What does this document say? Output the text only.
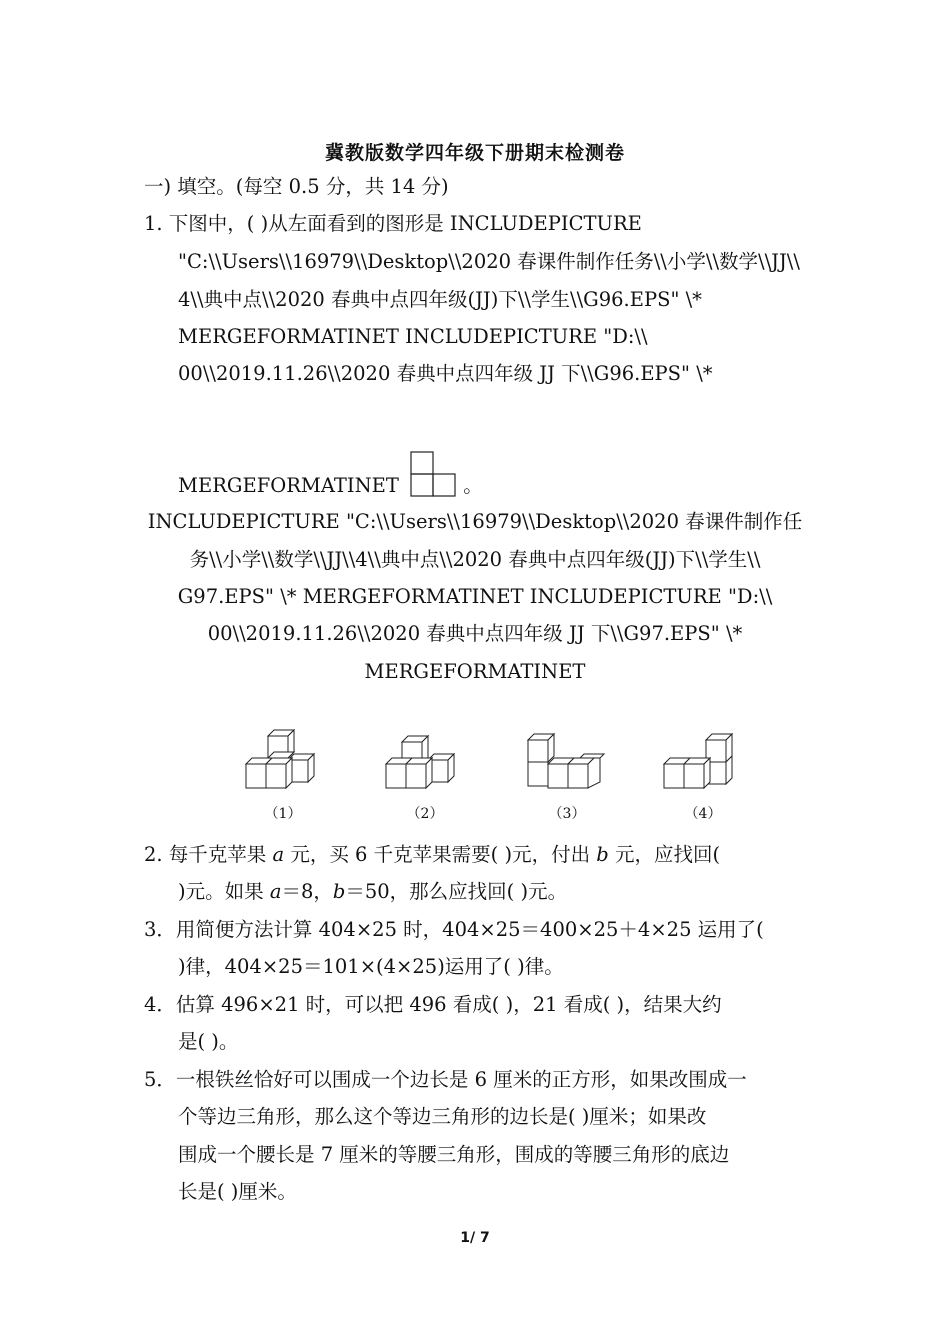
冀教版数学四年级下册期末检测卷
一) 填空。(每空 0.5 分，共 14 分)
1. 下图中，( )从左面看到的图形是 INCLUDEPICTURE
"C:\\Users\\16979\\Desktop\\2020 春课件制作任务\\小学\\数学\\JJ\\
4\\典中点\\2020 春典中点四年级(JJ)下\\学生\\G96.EPS" \*
MERGEFORMATINET INCLUDEPICTURE "D:\\
00\\2019.11.26\\2020 春典中点四年级 JJ 下\\G96.EPS" \*
MERGEFORMATINET	。
INCLUDEPICTURE "C:\\Users\\16979\\Desktop\\2020 春课件制作任
务\\小学\\数学\\JJ\\4\\典中点\\2020 春典中点四年级(JJ)下\\学生\\
G97.EPS" \* MERGEFORMATINET INCLUDEPICTURE "D:\\
00\\2019.11.26\\2020 春典中点四年级 JJ 下\\G97.EPS" \*
MERGEFORMATINET
（1）	（2）	（3）	（4）
2. 每千克苹果 a 元，买 6 千克苹果需要( )元，付出 b 元，应找回(
)元。如果 a＝8，b＝50，那么应找回( )元。
3．用简便方法计算 404×25 时，404×25＝400×25＋4×25 运用了(
)律，404×25＝101×(4×25)运用了( )律。
4．估算 496×21 时，可以把 496 看成( )，21 看成( )，结果大约
是( )。
5．一根铁丝恰好可以围成一个边长是 6 厘米的正方形，如果改围成一
个等边三角形，那么这个等边三角形的边长是( )厘米；如果改
围成一个腰长是 7 厘米的等腰三角形，围成的等腰三角形的底边
长是( )厘米。
1/ 7
